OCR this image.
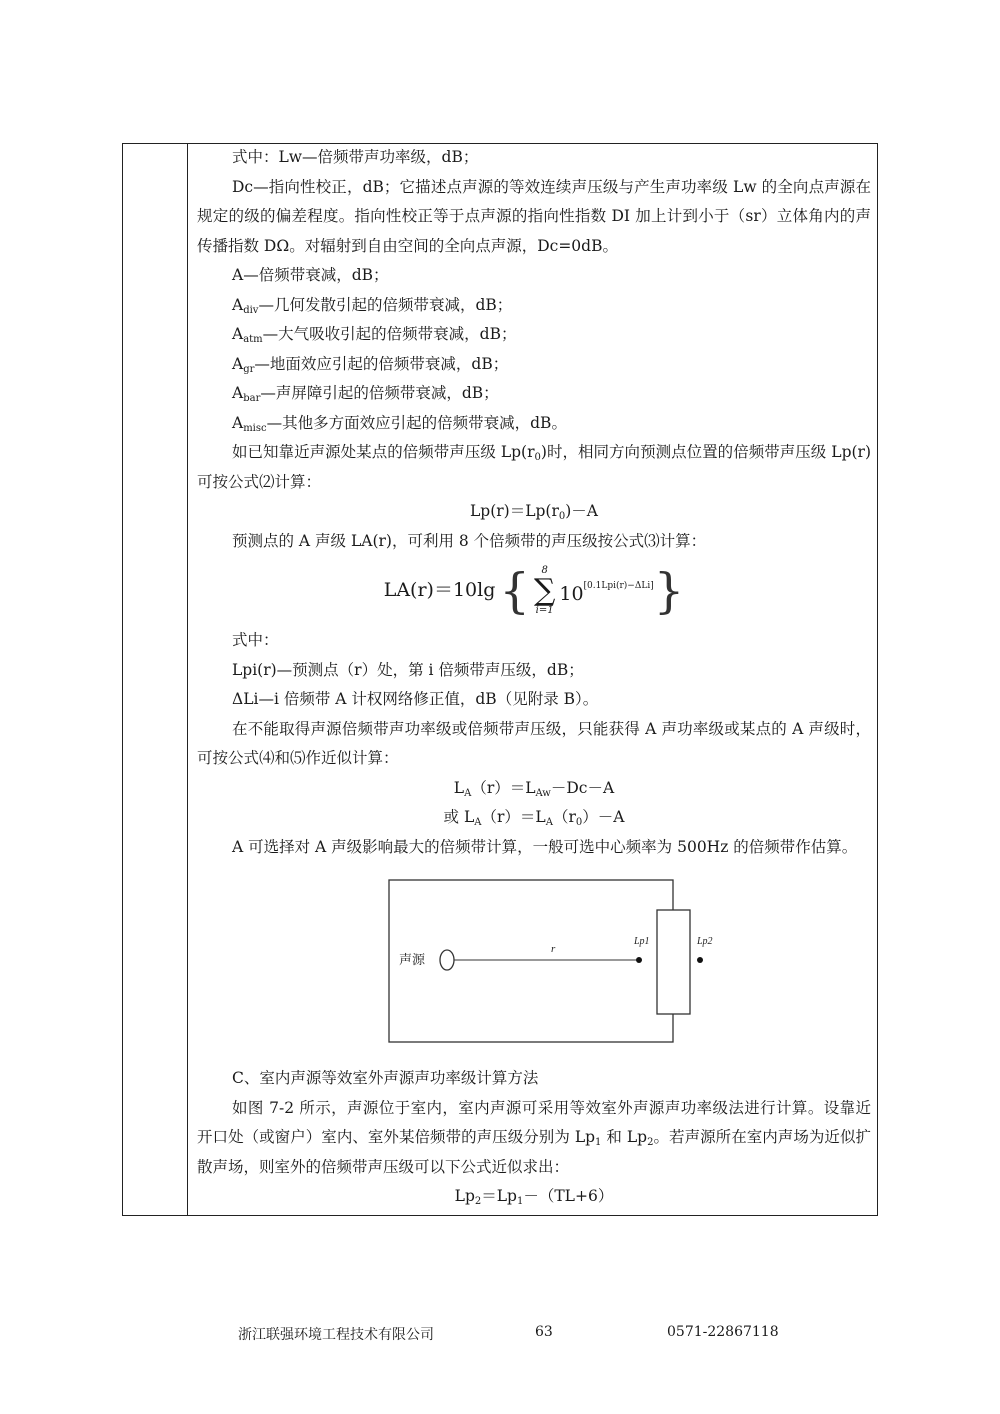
式中：Lw—倍频带声功率级，dB；

Dc—指向性校正，dB；它描述点声源的等效连续声压级与产生声功率级 Lw 的全向点声源在规定的级的偏差程度。指向性校正等于点声源的指向性指数 DI 加上计到小于（sr）立体角内的声传播指数 DΩ。对辐射到自由空间的全向点声源，Dc=0dB。

A—倍频带衰减，dB；

$A_{div}—$几何发散引起的倍频带衰减，dB；

$A_{atm}—$大气吸收引起的倍频带衰减，dB；

$A_{gr}—$地面效应引起的倍频带衰减，dB；

$A_{bar}—$声屏障引起的倍频带衰减，dB；

$A_{misc}—$其他多方面效应引起的倍频带衰减，dB。

如已知靠近声源处某点的倍频带声压级 $Lp(r_0)$时，相同方向预测点位置的倍频带声压级 Lp(r)可按公式⑵计算：

$Lp(r)=Lp(r_0)-A$

预测点的 A 声级 LA(r)，可利用 8 个倍频带的声压级按公式⑶计算：

LA(r)＝10lg { 8
∑
i=1
10[0.1Lpi(r)−ΔLi] }

式中：

Lpi(r)—预测点（r）处，第 i 倍频带声压级，dB；

ΔLi—i 倍频带 A 计权网络修正值，dB（见附录 B）。

在不能取得声源倍频带声功率级或倍频带声压级，只能获得 A 声功率级或某点的 A 声级时，可按公式⑷和⑸作近似计算：

$L_A(r)=L_{Aw}-Dc-A$

或 $L_A(r)=L_A(r_0)-A$

A 可选择对 A 声级影响最大的倍频带计算，一般可选中心频率为 500Hz 的倍频带作估算。

声源
r
Lp1	Lp2

C、室内声源等效室外声源声功率级计算方法

如图 7-2 所示，声源位于室内，室内声源可采用等效室外声源声功率级法进行计算。设靠近开口处（或窗户）室内、室外某倍频带的声压级分别为 $Lp_1$ 和 $Lp_2$。若声源所在室内声场为近似扩散声场，则室外的倍频带声压级可以下公式近似求出：

$Lp_2=Lp_1-(TL+6)$

浙江联强环境工程技术有限公司	63	0571-22867118
